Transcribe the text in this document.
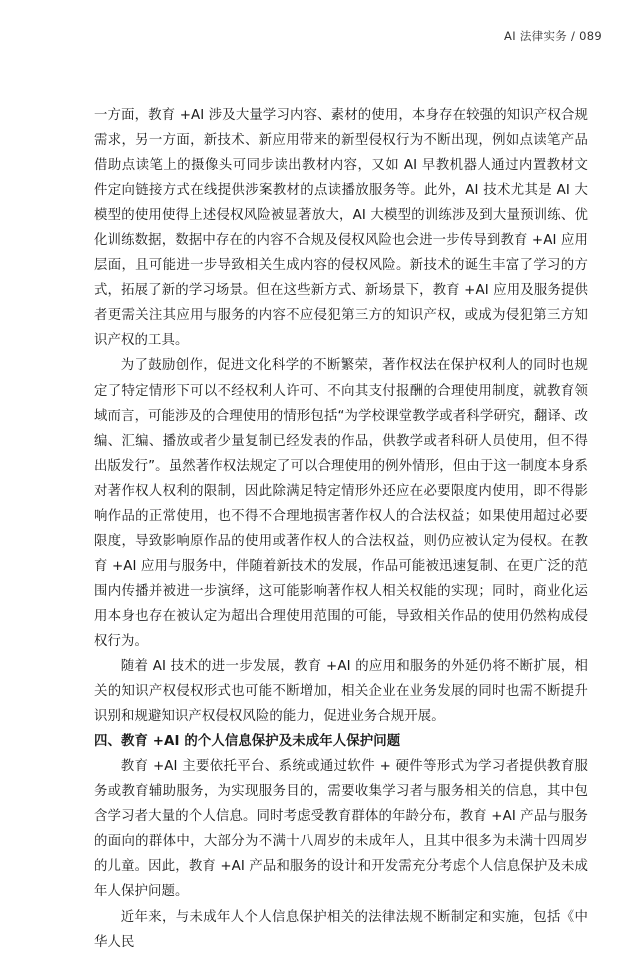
AI 法律实务 / 089

一方面，教育 +AI 涉及大量学习内容、素材的使用，本身存在较强的知识产权合规需求，另一方面，新技术、新应用带来的新型侵权行为不断出现，例如点读笔产品借助点读笔上的摄像头可同步读出教材内容，又如 AI 早教机器人通过内置教材文件定向链接方式在线提供涉案教材的点读播放服务等。此外，AI 技术尤其是 AI 大模型的使用使得上述侵权风险被显著放大，AI 大模型的训练涉及到大量预训练、优化训练数据，数据中存在的内容不合规及侵权风险也会进一步传导到教育 +AI 应用层面，且可能进一步导致相关生成内容的侵权风险。新技术的诞生丰富了学习的方式，拓展了新的学习场景。但在这些新方式、新场景下，教育 +AI 应用及服务提供者更需关注其应用与服务的内容不应侵犯第三方的知识产权，或成为侵犯第三方知识产权的工具。

为了鼓励创作，促进文化科学的不断繁荣，著作权法在保护权利人的同时也规定了特定情形下可以不经权利人许可、不向其支付报酬的合理使用制度，就教育领域而言，可能涉及的合理使用的情形包括“为学校课堂教学或者科学研究，翻译、改编、汇编、播放或者少量复制已经发表的作品，供教学或者科研人员使用，但不得出版发行”。虽然著作权法规定了可以合理使用的例外情形，但由于这一制度本身系对著作权人权利的限制，因此除满足特定情形外还应在必要限度内使用，即不得影响作品的正常使用，也不得不合理地损害著作权人的合法权益；如果使用超过必要限度，导致影响原作品的使用或著作权人的合法权益，则仍应被认定为侵权。在教育 +AI 应用与服务中，伴随着新技术的发展，作品可能被迅速复制、在更广泛的范围内传播并被进一步演绎，这可能影响著作权人相关权能的实现；同时，商业化运用本身也存在被认定为超出合理使用范围的可能，导致相关作品的使用仍然构成侵权行为。

随着 AI 技术的进一步发展，教育 +AI 的应用和服务的外延仍将不断扩展，相关的知识产权侵权形式也可能不断增加，相关企业在业务发展的同时也需不断提升识别和规避知识产权侵权风险的能力，促进业务合规开展。

四、教育 +AI 的个人信息保护及未成年人保护问题

教育 +AI 主要依托平台、系统或通过软件 + 硬件等形式为学习者提供教育服务或教育辅助服务，为实现服务目的，需要收集学习者与服务相关的信息，其中包含学习者大量的个人信息。同时考虑受教育群体的年龄分布，教育 +AI 产品与服务的面向的群体中，大部分为不满十八周岁的未成年人，且其中很多为未满十四周岁的儿童。因此，教育 +AI 产品和服务的设计和开发需充分考虑个人信息保护及未成年人保护问题。

近年来，与未成年人个人信息保护相关的法律法规不断制定和实施，包括《中华人民
